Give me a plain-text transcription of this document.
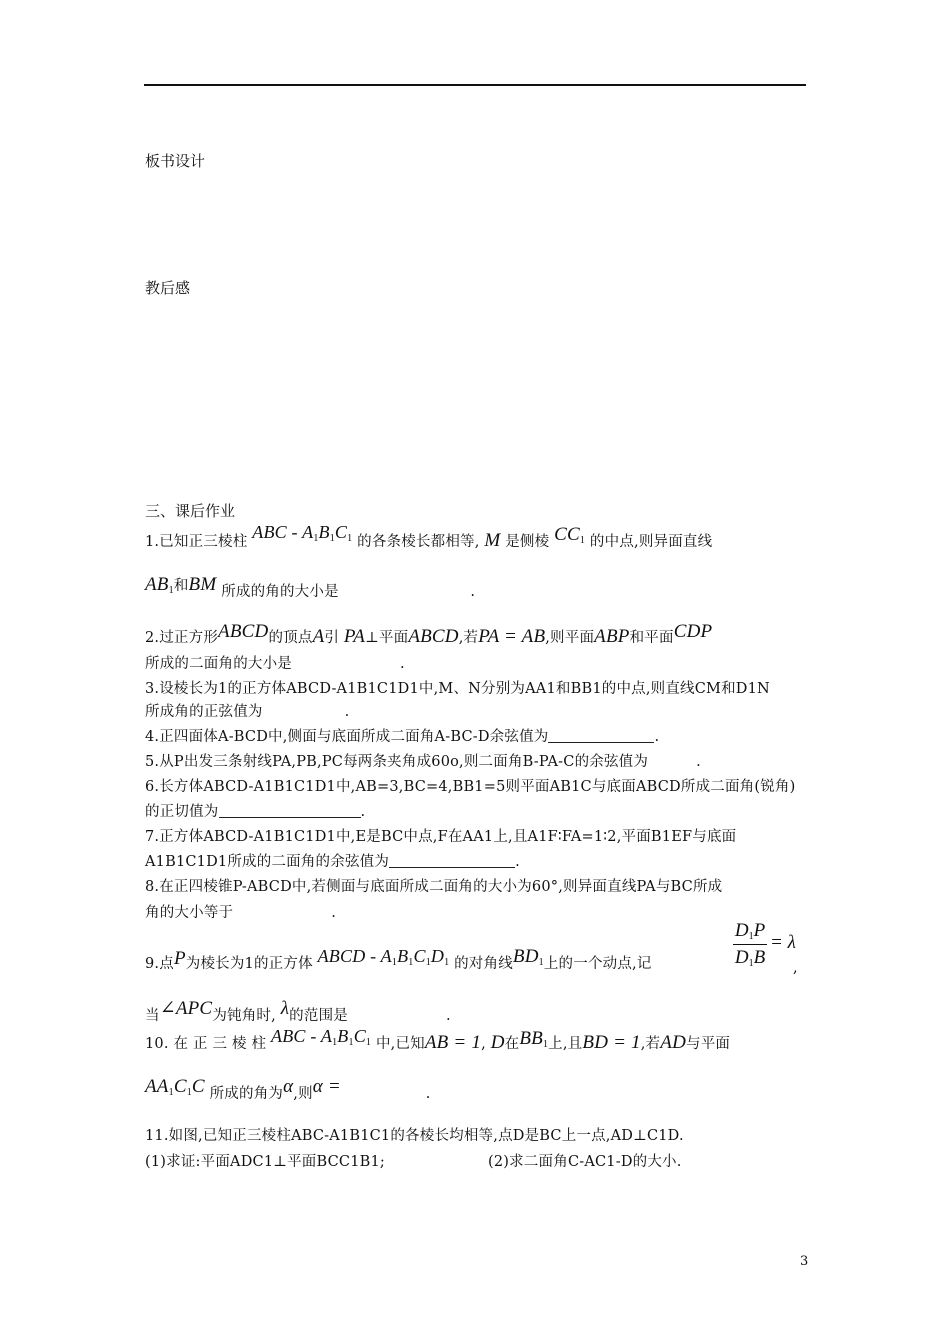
板书设计
教后感
三、课后作业
1.已知正三棱柱 ABC - $A_1B_1C_1$ 的各条棱长都相等, M 是侧棱 $CC_1$ 的中点,则异面直线
$AB_1$和BM 所成的角的大小是	.
2.过正方形ABCD的顶点A引 PA⊥平面ABCD,若PA = AB,则平面ABP和平面CDP
所成的二面角的大小是	.
3.设棱长为1的正方体ABCD-A1B1C1D1中,M、N分别为AA1和BB1的中点,则直线CM和D1N
所成角的正弦值为	.
4.正四面体A-BCD中,侧面与底面所成二面角A-BC-D余弦值为	.
5.从P出发三条射线PA,PB,PC每两条夹角成60ο,则二面角B-PA-C的余弦值为	.
6.长方体ABCD-A1B1C1D1中,AB=3,BC=4,BB1=5则平面AB1C与底面ABCD所成二面角(锐角)
的正切值为	.
7.正方体ABCD-A1B1C1D1中,E是BC中点,F在AA1上,且A1F∶FA=1∶2,平面B1EF与底面
A1B1C1D1所成的二面角的余弦值为	.
8.在正四棱锥P-ABCD中,若侧面与底面所成二面角的大小为60°,则异面直线PA与BC所成
角的大小等于	.
9.点P为棱长为1的正方体 ABCD - $A_1B_1C_1D_1$ 的对角线$BD_1$上的一个动点,记
$D_1P$
$D_1B$
= λ
,
当∠APC为钝角时, λ的范围是	.
10. 在 正 三 棱 柱 ABC - $A_1B_1C_1$ 中,已知AB = 1, D在$BB_1$上,且BD = 1,若AD与平面
$AA_1C_1C$ 所成的角为α,则α =	.
11.如图,已知正三棱柱ABC-A1B1C1的各棱长均相等,点D是BC上一点,AD⊥C1D.
(1)求证:平面ADC1⊥平面BCC1B1;	(2)求二面角C-AC1-D的大小.
3
